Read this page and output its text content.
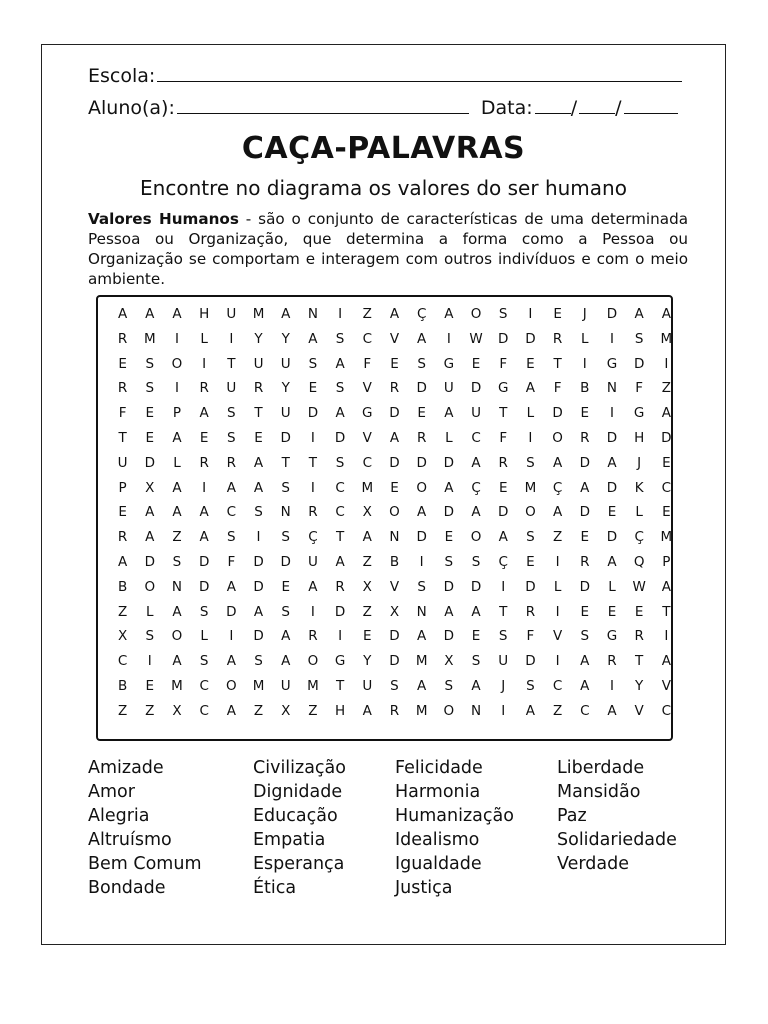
Escola:
Aluno(a):	Data: / /
CAÇA-PALAVRAS
Encontre no diagrama os valores do ser humano
Valores Humanos - são o conjunto de características de uma determinada Pessoa ou Organização, que determina a forma como a Pessoa ou Organização se comportam e interagem com outros indivíduos e com o meio ambiente.
A	A	A	H	U	M	A	N	I	Z	A	Ç	A	O	S	I	E	J	D	A	A
R	M	I	L	I	Y	Y	A	S	C	V	A	I	W	D	D	R	L	I	S	M
E	S	O	I	T	U	U	S	A	F	E	S	G	E	F	E	T	I	G	D	I
R	S	I	R	U	R	Y	E	S	V	R	D	U	D	G	A	F	B	N	F	Z
F	E	P	A	S	T	U	D	A	G	D	E	A	U	T	L	D	E	I	G	A
T	E	A	E	S	E	D	I	D	V	A	R	L	C	F	I	O	R	D	H	D
U	D	L	R	R	A	T	T	S	C	D	D	D	A	R	S	A	D	A	J	E
P	X	A	I	A	A	S	I	C	M	E	O	A	Ç	E	M	Ç	A	D	K	C
E	A	A	A	C	S	N	R	C	X	O	A	D	A	D	O	A	D	E	L	E
R	A	Z	A	S	I	S	Ç	T	A	N	D	E	O	A	S	Z	E	D	Ç	M
A	D	S	D	F	D	D	U	A	Z	B	I	S	S	Ç	E	I	R	A	Q	P
B	O	N	D	A	D	E	A	R	X	V	S	D	D	I	D	L	D	L	W	A
Z	L	A	S	D	A	S	I	D	Z	X	N	A	A	T	R	I	E	E	E	T
X	S	O	L	I	D	A	R	I	E	D	A	D	E	S	F	V	S	G	R	I
C	I	A	S	A	S	A	O	G	Y	D	M	X	S	U	D	I	A	R	T	A
B	E	M	C	O	M	U	M	T	U	S	A	S	A	J	S	C	A	I	Y	V
Z	Z	X	C	A	Z	X	Z	H	A	R	M	O	N	I	A	Z	C	A	V	C
Amizade
Amor
Alegria
Altruísmo
Bem Comum
Bondade
Civilização
Dignidade
Educação
Empatia
Esperança
Ética
Felicidade
Harmonia
Humanização
Idealismo
Igualdade
Justiça
Liberdade
Mansidão
Paz
Solidariedade
Verdade
